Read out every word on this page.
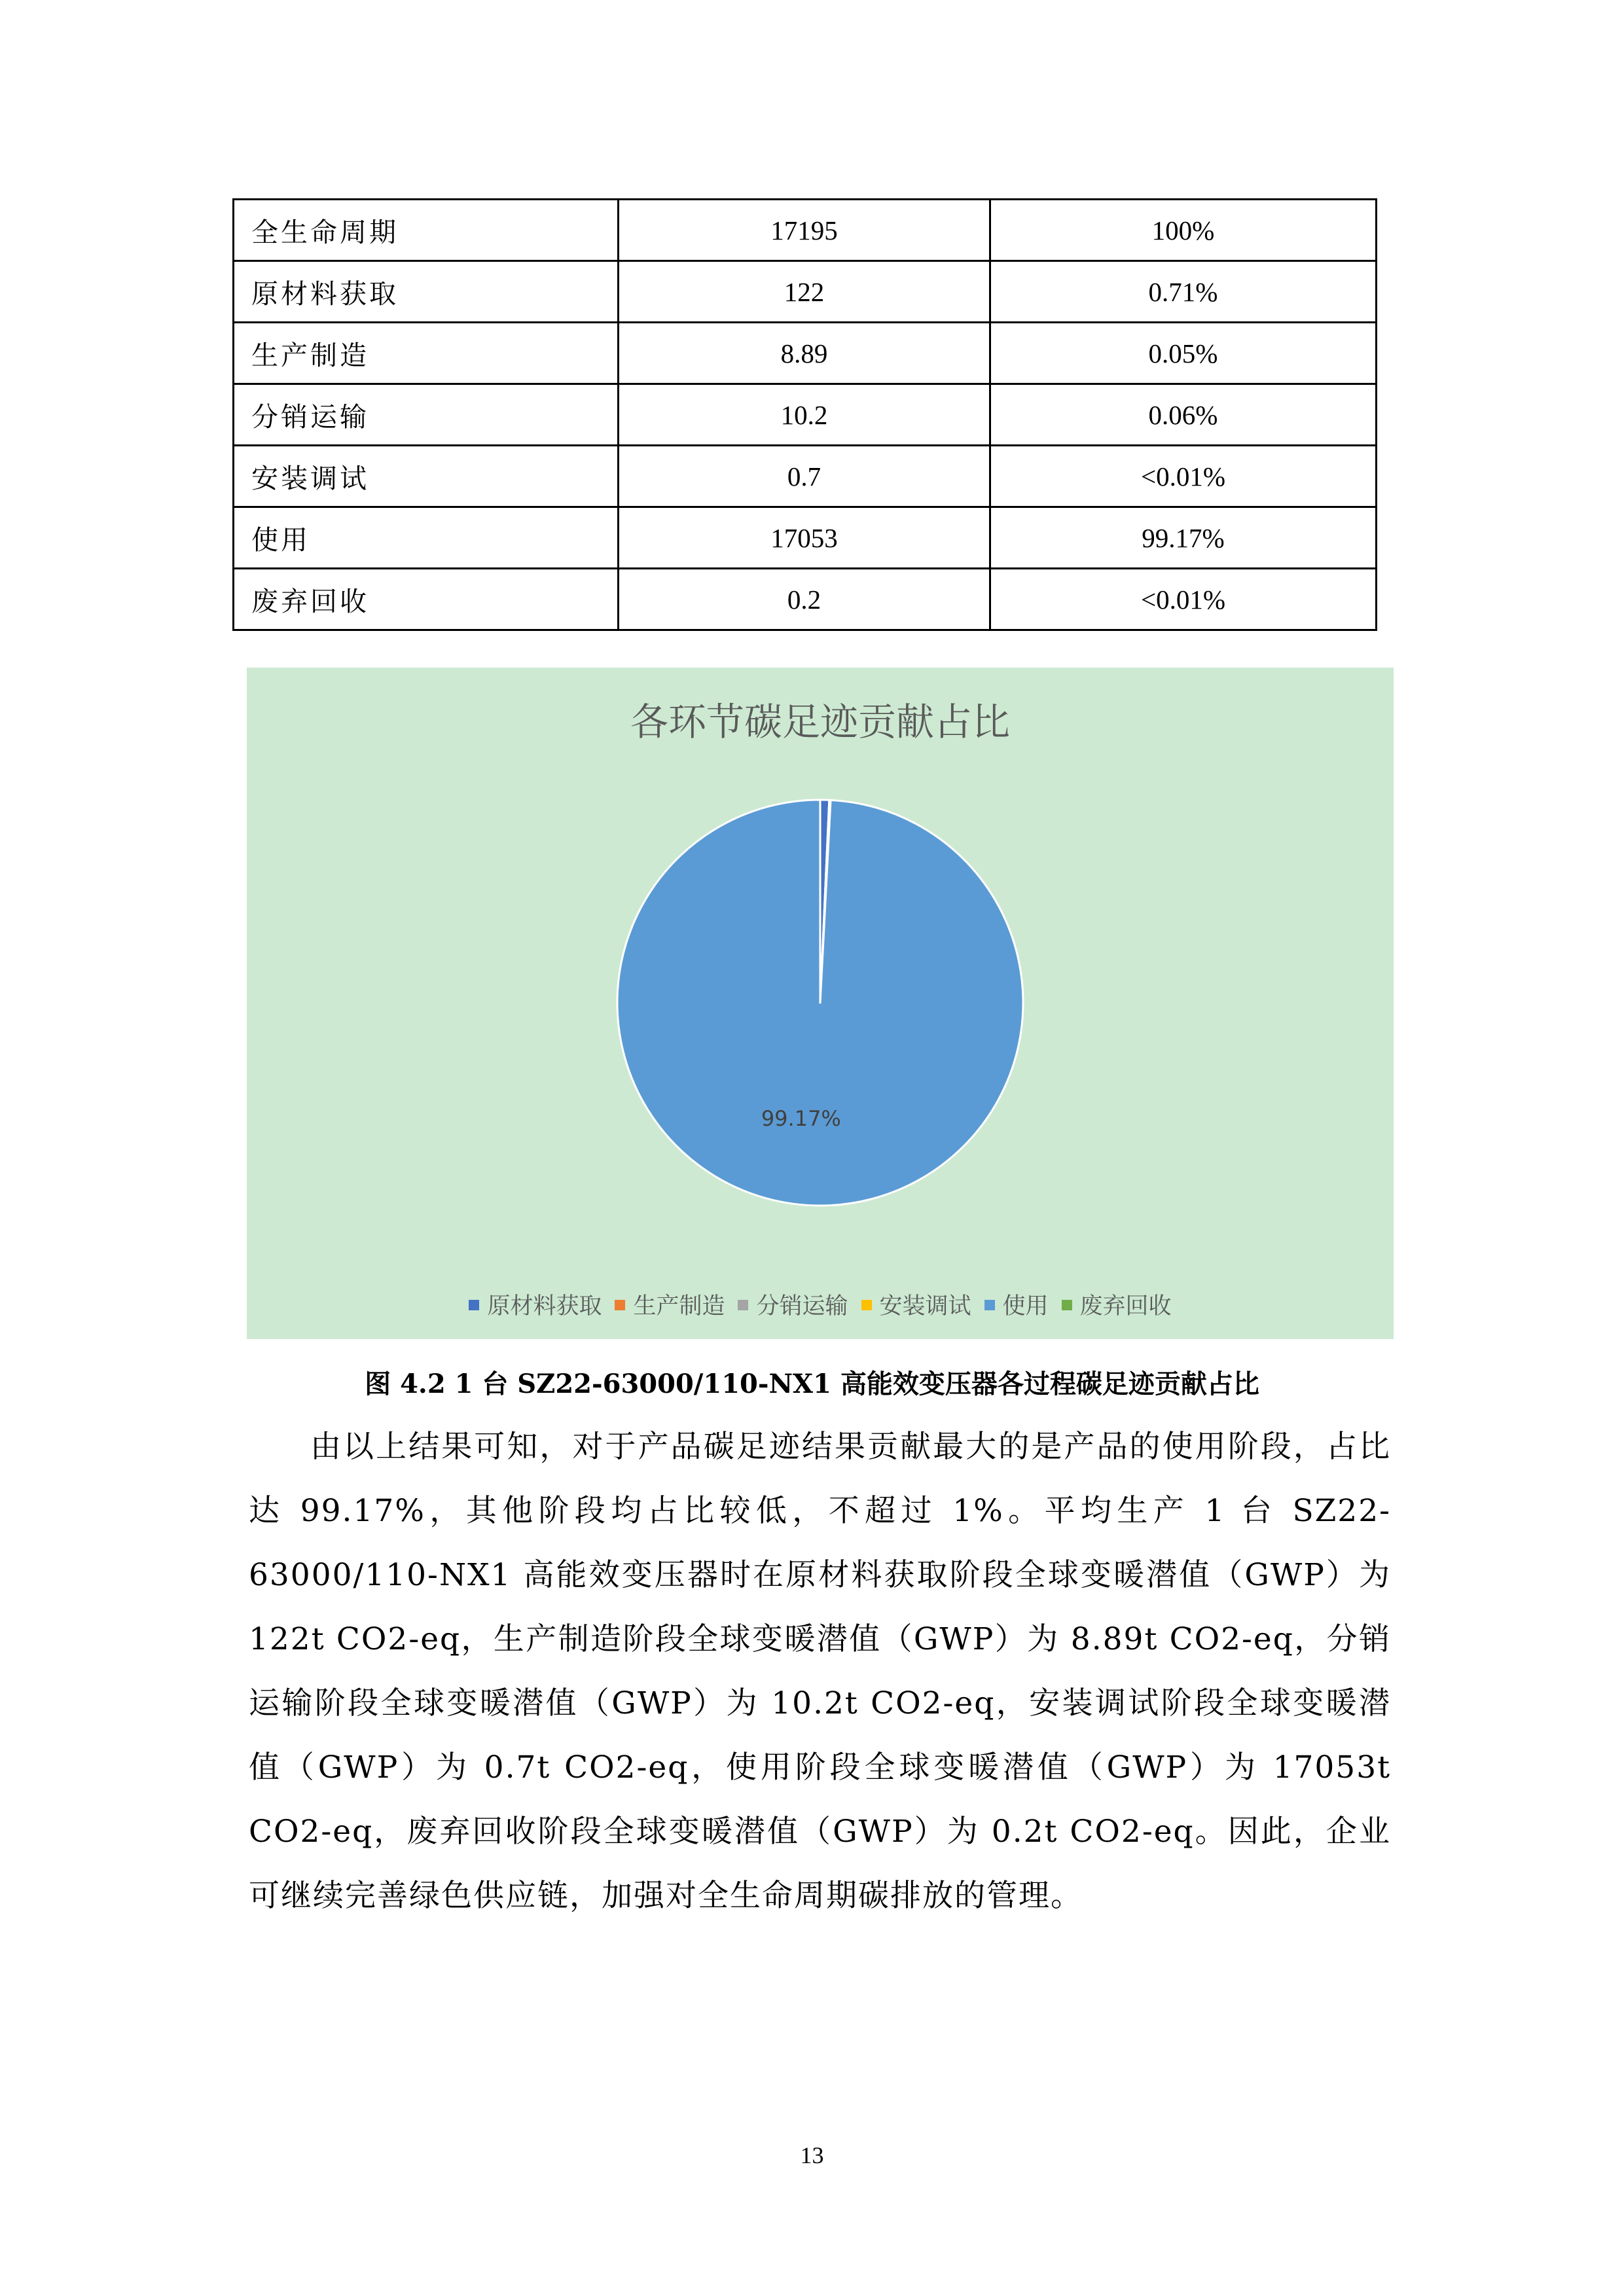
全生命周期	17195	100%
原材料获取	122	0.71%
生产制造	8.89	0.05%
分销运输	10.2	0.06%
安装调试	0.7	<0.01%
使用	17053	99.17%
废弃回收	0.2	<0.01%
各环节碳足迹贡献占比
99.17%
原材料获取 生产制造 分销运输 安装调试 使用 废弃回收
图 4.2 1 台 SZ22-63000/110-NX1 高能效变压器各过程碳足迹贡献占比

由以上结果可知，对于产品碳足迹结果贡献最大的是产品的使用阶段，占比达 99.17%，其他阶段均占比较低，不超过 1%。平均生产 1 台 SZ22-63000/110-NX1 高能效变压器时在原材料获取阶段全球变暖潜值（GWP）为 122t CO2-eq，生产制造阶段全球变暖潜值（GWP）为 8.89t CO2-eq，分销运输阶段全球变暖潜值（GWP）为 10.2t CO2-eq，安装调试阶段全球变暖潜值（GWP）为 0.7t CO2-eq，使用阶段全球变暖潜值（GWP）为 17053t CO2-eq，废弃回收阶段全球变暖潜值（GWP）为 0.2t CO2-eq。因此，企业可继续完善绿色供应链，加强对全生命周期碳排放的管理。

13
